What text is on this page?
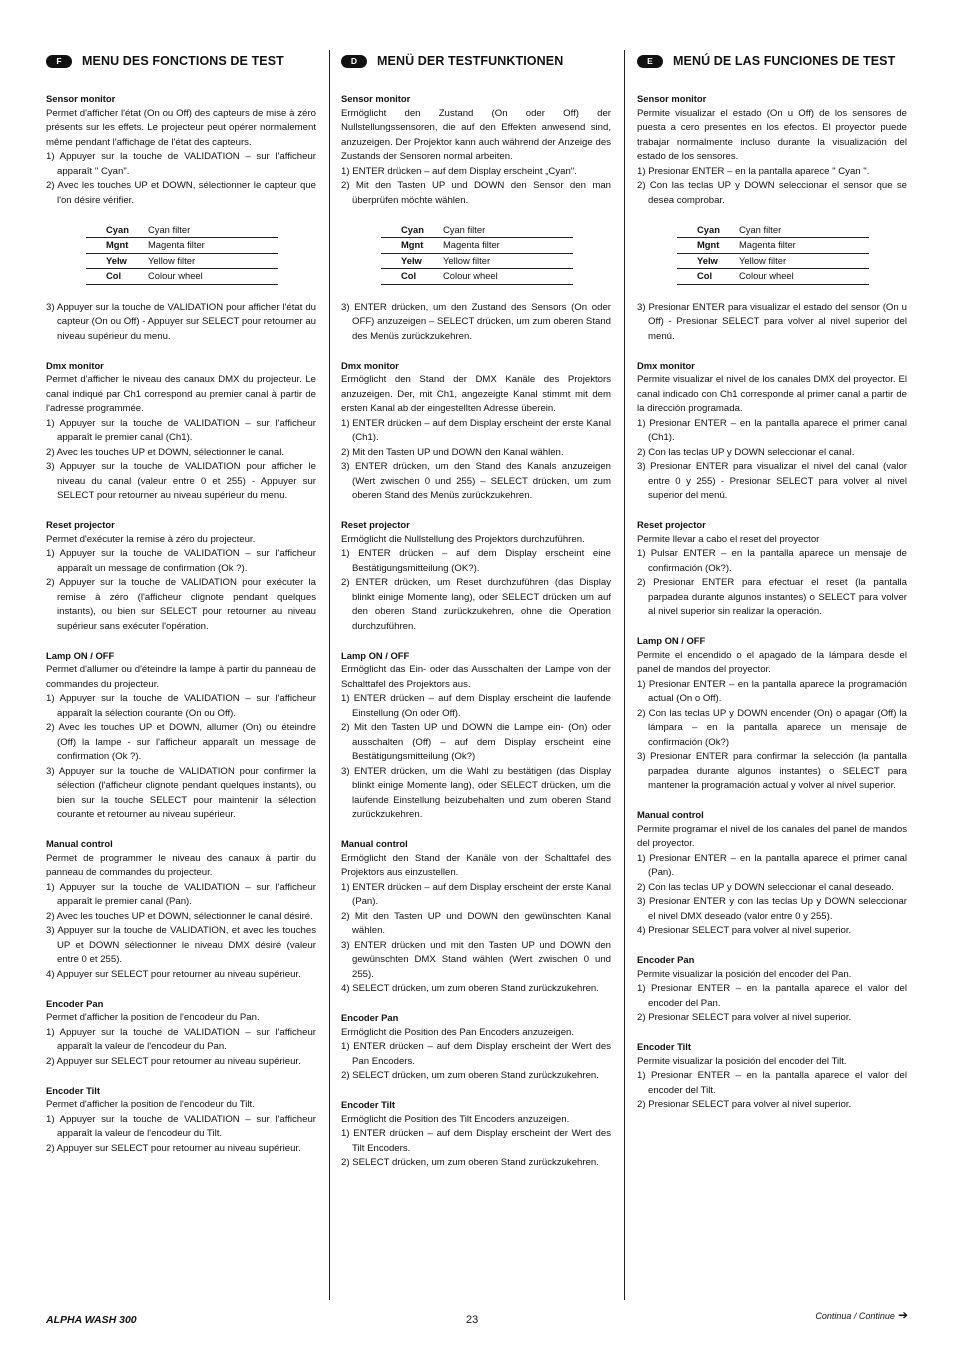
F	MENU DES FONCTIONS DE TEST
Sensor monitor
Permet d'afficher l'état (On ou Off) des capteurs de mise à zéro présents sur les effets. Le projecteur peut opérer normalement même pendant l'affichage de l'état des capteurs.
1) Appuyer sur la touche de VALIDATION – sur l'afficheur apparaît " Cyan".
2) Avec les touches UP et DOWN, sélectionner le capteur que l'on désire vérifier.
Cyan	Cyan filter
Mgnt	Magenta filter
Yelw	Yellow filter
Col	Colour wheel
3) Appuyer sur la touche de VALIDATION pour afficher l'état du capteur (On ou Off) - Appuyer sur SELECT pour retourner au niveau supérieur du menu.
Dmx monitor
Permet d'afficher le niveau des canaux DMX du projecteur. Le canal indiqué par Ch1 correspond au premier canal à partir de l'adresse programmée.
1) Appuyer sur la touche de VALIDATION – sur l'afficheur apparaît le premier canal (Ch1).
2) Avec les touches UP et DOWN, sélectionner le canal.
3) Appuyer sur la touche de VALIDATION pour afficher le niveau du canal (valeur entre 0 et 255) - Appuyer sur SELECT pour retourner au niveau supérieur du menu.
Reset projector
Permet d'exécuter la remise à zéro du projecteur.
1) Appuyer sur la touche de VALIDATION – sur l'afficheur apparaît un message de confirmation (Ok ?).
2) Appuyer sur la touche de VALIDATION pour exécuter la remise à zéro (l'afficheur clignote pendant quelques instants), ou bien sur SELECT pour retourner au niveau supérieur sans exécuter l'opération.
Lamp ON / OFF
Permet d'allumer ou d'éteindre la lampe à partir du panneau de commandes du projecteur.
1) Appuyer sur la touche de VALIDATION – sur l'afficheur apparaît la sélection courante (On ou Off).
2) Avec les touches UP et DOWN, allumer (On) ou éteindre (Off) la lampe - sur l'afficheur apparaît un message de confirmation (Ok ?).
3) Appuyer sur la touche de VALIDATION pour confirmer la sélection (l'afficheur clignote pendant quelques instants), ou bien sur la touche SELECT pour maintenir la sélection courante et retourner au niveau supérieur.
Manual control
Permet de programmer le niveau des canaux à partir du panneau de commandes du projecteur.
1) Appuyer sur la touche de VALIDATION – sur l'afficheur apparaît le premier canal (Pan).
2) Avec les touches UP et DOWN, sélectionner le canal désiré.
3) Appuyer sur la touche de VALIDATION, et avec les touches UP et DOWN sélectionner le niveau DMX désiré (valeur entre 0 et 255).
4) Appuyer sur SELECT pour retourner au niveau supérieur.
Encoder Pan
Permet d'afficher la position de l'encodeur du Pan.
1) Appuyer sur la touche de VALIDATION – sur l'afficheur apparaît la valeur de l'encodeur du Pan.
2) Appuyer sur SELECT pour retourner au niveau supérieur.
Encoder Tilt
Permet d'afficher la position de l'encodeur du Tilt.
1) Appuyer sur la touche de VALIDATION – sur l'afficheur apparaît la valeur de l'encodeur du Tilt.
2) Appuyer sur SELECT pour retourner au niveau supérieur.
D	MENÜ DER TESTFUNKTIONEN
Sensor monitor
Ermöglicht den Zustand (On oder Off) der Nullstellungssensoren, die auf den Effekten anwesend sind, anzuzeigen. Der Projektor kann auch während der Anzeige des Zustands der Sensoren normal arbeiten.
1) ENTER drücken – auf dem Display erscheint „Cyan".
2) Mit den Tasten UP und DOWN den Sensor den man überprüfen möchte wählen.
Cyan	Cyan filter
Mgnt	Magenta filter
Yelw	Yellow filter
Col	Colour wheel
3) ENTER drücken, um den Zustand des Sensors (On oder OFF) anzuzeigen – SELECT drücken, um zum oberen Stand des Menüs zurückzukehren.
Dmx monitor
Ermöglicht den Stand der DMX Kanäle des Projektors anzuzeigen. Der, mit Ch1, angezeigte Kanal stimmt mit dem ersten Kanal ab der eingestellten Adresse überein.
1) ENTER drücken – auf dem Display erscheint der erste Kanal (Ch1).
2) Mit den Tasten UP und DOWN den Kanal wählen.
3) ENTER drücken, um den Stand des Kanals anzuzeigen (Wert zwischen 0 und 255) – SELECT drücken, um zum oberen Stand des Menüs zurückzukehren.
Reset projector
Ermöglicht die Nullstellung des Projektors durchzuführen.
1) ENTER drücken – auf dem Display erscheint eine Bestätigungsmitteilung (OK?).
2) ENTER drücken, um Reset durchzuführen (das Display blinkt einige Momente lang), oder SELECT drücken um auf den oberen Stand zurückzukehren, ohne die Operation durchzuführen.
Lamp ON / OFF
Ermöglicht das Ein- oder das Ausschalten der Lampe von der Schalttafel des Projektors aus.
1) ENTER drücken – auf dem Display erscheint die laufende Einstellung (On oder Off).
2) Mit den Tasten UP und DOWN die Lampe ein- (On) oder ausschalten (Off) – auf dem Display erscheint eine Bestätigungsmitteilung (Ok?)
3) ENTER drücken, um die Wahl zu bestätigen (das Display blinkt einige Momente lang), oder SELECT drücken, um die laufende Einstellung beizubehalten und zum oberen Stand zurückzukehren.
Manual control
Ermöglicht den Stand der Kanäle von der Schalttafel des Projektors aus einzustellen.
1) ENTER drücken – auf dem Display erscheint der erste Kanal (Pan).
2) Mit den Tasten UP und DOWN den gewünschten Kanal wählen.
3) ENTER drücken und mit den Tasten UP und DOWN den gewünschten DMX Stand wählen (Wert zwischen 0 und 255).
4) SELECT drücken, um zum oberen Stand zurückzukehren.
Encoder Pan
Ermöglicht die Position des Pan Encoders anzuzeigen.
1) ENTER drücken – auf dem Display erscheint der Wert des Pan Encoders.
2) SELECT drücken, um zum oberen Stand zurückzukehren.
Encoder Tilt
Ermöglicht die Position des Tilt Encoders anzuzeigen.
1) ENTER drücken – auf dem Display erscheint der Wert des Tilt Encoders.
2) SELECT drücken, um zum oberen Stand zurückzukehren.
E	MENÚ DE LAS FUNCIONES DE TEST
Sensor monitor
Permite visualizar el estado (On u Off) de los sensores de puesta a cero presentes en los efectos. El proyector puede trabajar normalmente incluso durante la visualización del estado de los sensores.
1) Presionar ENTER – en la pantalla aparece " Cyan ".
2) Con las teclas UP y DOWN seleccionar el sensor que se desea comprobar.
Cyan	Cyan filter
Mgnt	Magenta filter
Yelw	Yellow filter
Col	Colour wheel
3) Presionar ENTER para visualizar el estado del sensor (On u Off) - Presionar SELECT para volver al nivel superior del menú.
Dmx monitor
Permite visualizar el nivel de los canales DMX del proyector. El canal indicado con Ch1 corresponde al primer canal a partir de la dirección programada.
1) Presionar ENTER – en la pantalla aparece el primer canal (Ch1).
2) Con las teclas UP y DOWN seleccionar el canal.
3) Presionar ENTER para visualizar el nivel del canal (valor entre 0 y 255) - Presionar SELECT para volver al nivel superior del menú.
Reset projector
Permite llevar a cabo el reset del proyector
1) Pulsar ENTER – en la pantalla aparece un mensaje de confirmación (Ok?).
2) Presionar ENTER para efectuar el reset (la pantalla parpadea durante algunos instantes) o SELECT para volver al nivel superior sin realizar la operación.
Lamp ON / OFF
Permite el encendido o el apagado de la lámpara desde el panel de mandos del proyector.
1) Presionar ENTER – en la pantalla aparece la programación actual (On o Off).
2) Con las teclas UP y DOWN encender (On) o apagar (Off) la lámpara – en la pantalla aparece un mensaje de confirmación (Ok?)
3) Presionar ENTER para confirmar la selección (la pantalla parpadea durante algunos instantes) o SELECT para mantener la programación actual y volver al nivel superior.
Manual control
Permite programar el nivel de los canales del panel de mandos del proyector.
1) Presionar ENTER – en la pantalla aparece el primer canal (Pan).
2) Con las teclas UP y DOWN seleccionar el canal deseado.
3) Presionar ENTER y con las teclas Up y DOWN seleccionar el nivel DMX deseado (valor entre 0 y 255).
4) Presionar SELECT para volver al nivel superior.
Encoder Pan
Permite visualizar la posición del encoder del Pan.
1) Presionar ENTER – en la pantalla aparece el valor del encoder del Pan.
2) Presionar SELECT para volver al nivel superior.
Encoder Tilt
Permite visualizar la posición del encoder del Tilt.
1) Presionar ENTER – en la pantalla aparece el valor del encoder del Tilt.
2) Presionar SELECT para volver al nivel superior.
ALPHA WASH 300	23	Continua / Continue ➔
